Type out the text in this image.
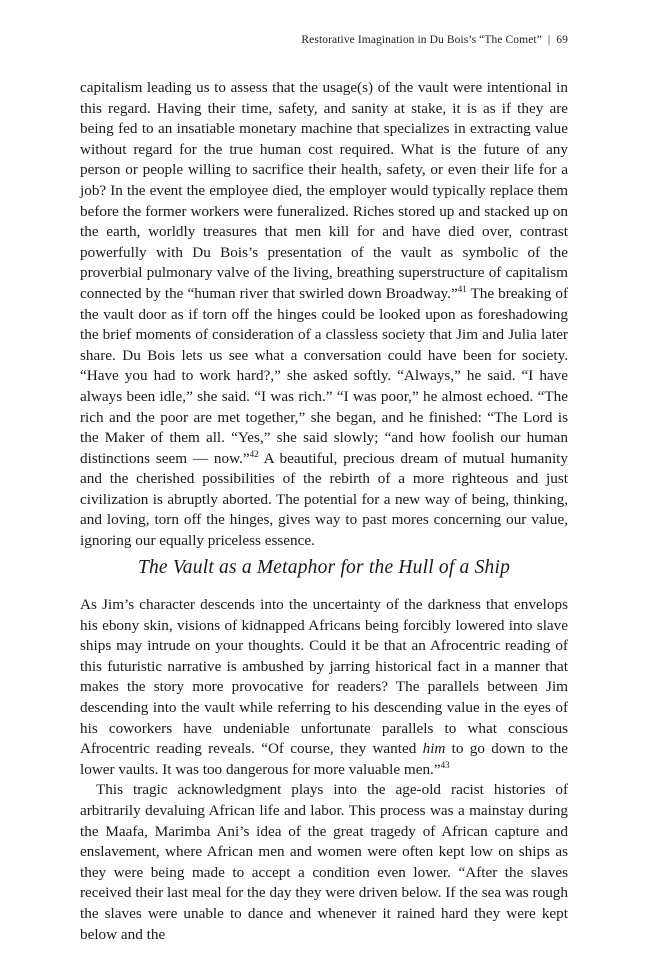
Restorative Imagination in Du Bois’s “The Comet” | 69

capitalism leading us to assess that the usage(s) of the vault were intentional in this regard. Having their time, safety, and sanity at stake, it is as if they are being fed to an insatiable monetary machine that specializes in extracting value without regard for the true human cost required. What is the future of any person or people willing to sacrifice their health, safety, or even their life for a job? In the event the employee died, the employer would typically replace them before the former workers were funeralized. Riches stored up and stacked up on the earth, worldly treasures that men kill for and have died over, contrast powerfully with Du Bois’s presentation of the vault as symbolic of the proverbial pulmonary valve of the living, breathing superstructure of capitalism connected by the “human river that swirled down Broadway.”$^{41}$ The breaking of the vault door as if torn off the hinges could be looked upon as foreshadowing the brief moments of consideration of a classless society that Jim and Julia later share. Du Bois lets us see what a conversation could have been for society. “Have you had to work hard?,” she asked softly. “Always,” he said. “I have always been idle,” she said. “I was rich.” “I was poor,” he almost echoed. “The rich and the poor are met together,” she began, and he finished: “The Lord is the Maker of them all. “Yes,” she said slowly; “and how foolish our human distinctions seem — now.”$^{42}$ A beautiful, precious dream of mutual humanity and the cherished possibilities of the rebirth of a more righteous and just civilization is abruptly aborted. The potential for a new way of being, thinking, and loving, torn off the hinges, gives way to past mores concerning our value, ignoring our equally priceless essence.

The Vault as a Metaphor for the Hull of a Ship

As Jim’s character descends into the uncertainty of the darkness that envelops his ebony skin, visions of kidnapped Africans being forcibly lowered into slave ships may intrude on your thoughts. Could it be that an Afrocentric reading of this futuristic narrative is ambushed by jarring historical fact in a manner that makes the story more provocative for readers? The parallels between Jim descending into the vault while referring to his descending value in the eyes of his coworkers have undeniable unfortunate parallels to what conscious Afrocentric reading reveals. “Of course, they wanted him to go down to the lower vaults. It was too dangerous for more valuable men.”$^{43}$

This tragic acknowledgment plays into the age-old racist histories of arbitrarily devaluing African life and labor. This process was a mainstay during the Maafa, Marimba Ani’s idea of the great tragedy of African capture and enslavement, where African men and women were often kept low on ships as they were being made to accept a condition even lower. “After the slaves received their last meal for the day they were driven below. If the sea was rough the slaves were unable to dance and whenever it rained hard they were kept below and the
